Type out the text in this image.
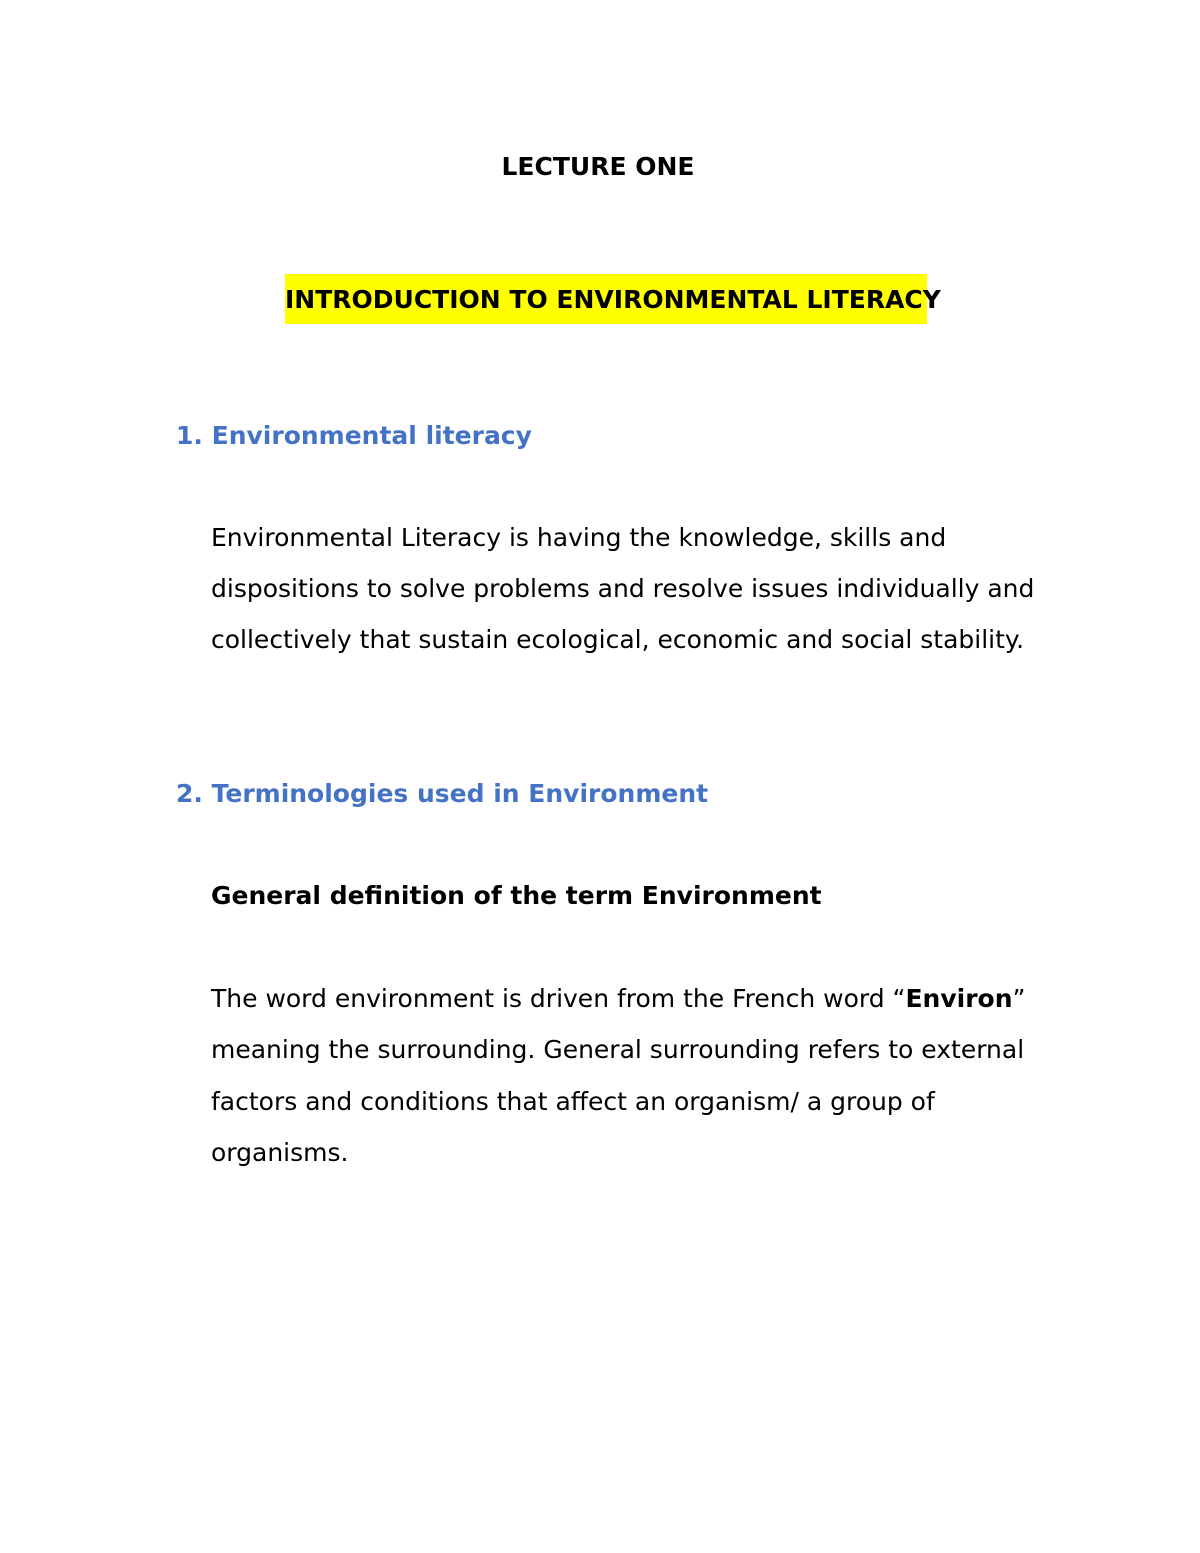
LECTURE ONE

INTRODUCTION TO ENVIRONMENTAL LITERACY

1. Environmental literacy

Environmental Literacy is having the knowledge, skills and

dispositions to solve problems and resolve issues individually and

collectively that sustain ecological, economic and social stability.

2. Terminologies used in Environment

General definition of the term Environment

The word environment is driven from the French word “Environ”

meaning the surrounding. General surrounding refers to external

factors and conditions that affect an organism/ a group of

organisms.
